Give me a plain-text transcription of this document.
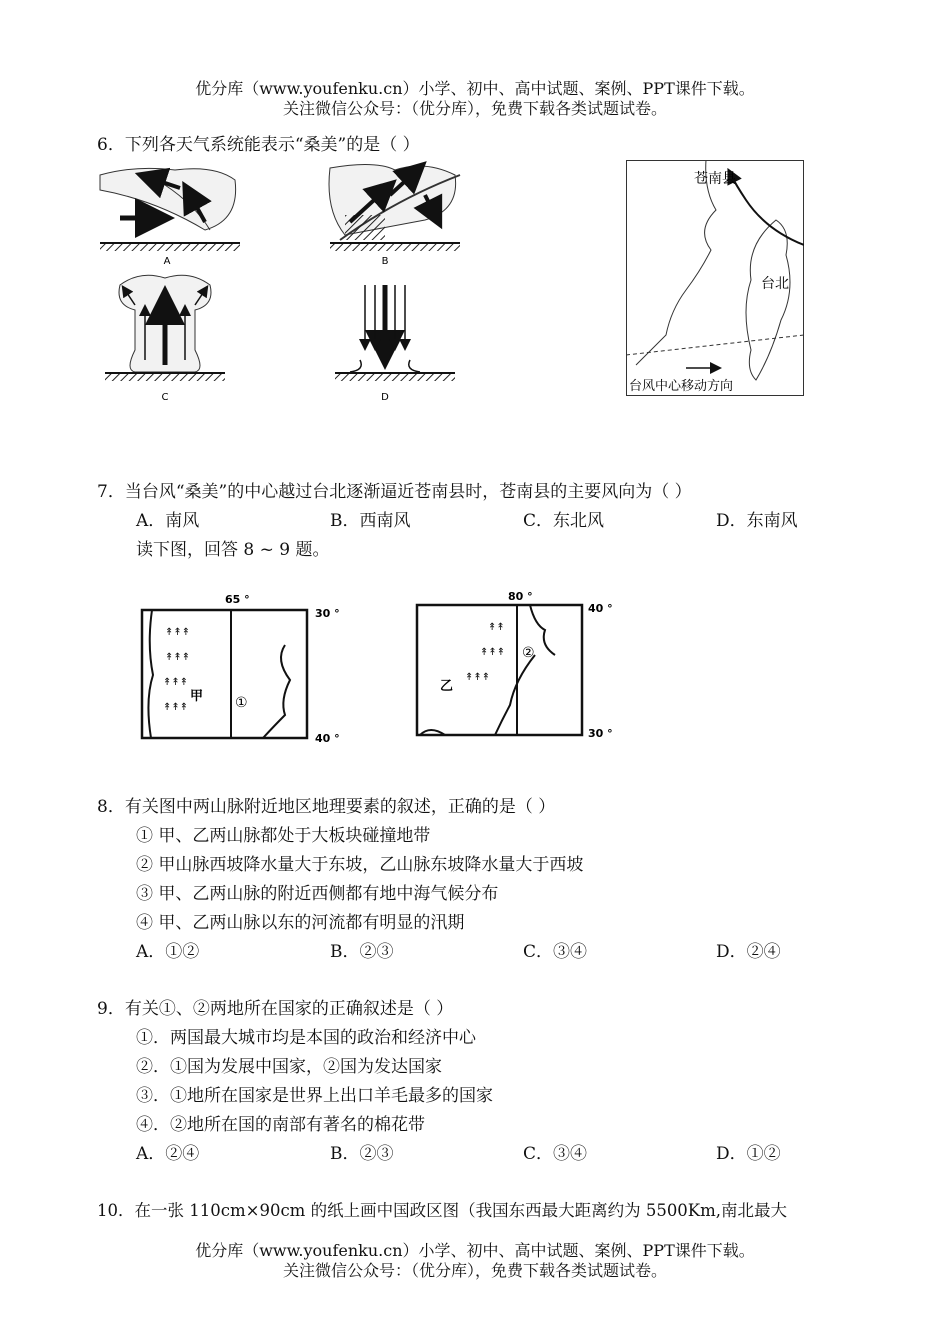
优分库（www.youfenku.cn）小学、初中、高中试题、案例、PPT课件下载。
关注微信公众号：（优分库），免费下载各类试题试卷。
6．下列各天气系统能表示“桑美”的是（ ）
A	B
C	D
苍南县
台北
台风中心移动方向
7．当台风“桑美”的中心越过台北逐渐逼近苍南县时，苍南县的主要风向为（ ）
A．南风	B．西南风	C．东北风	D．东南风
读下图，回答 8 ~ 9 题。
↟↟↟
↟↟↟
↟↟↟
↟↟↟
65 °
30 °
40 °
甲 ①
↟↟
↟↟↟
↟↟↟
80 °
40 °
30 °
乙
②
8．有关图中两山脉附近地区地理要素的叙述，正确的是（ ）
① 甲、乙两山脉都处于大板块碰撞地带
② 甲山脉西坡降水量大于东坡，乙山脉东坡降水量大于西坡
③ 甲、乙两山脉的附近西侧都有地中海气候分布
④ 甲、乙两山脉以东的河流都有明显的汛期
A．①②	B．②③	C．③④	D．②④
9．有关①、②两地所在国家的正确叙述是（ ）
①．两国最大城市均是本国的政治和经济中心
②．①国为发展中国家，②国为发达国家
③．①地所在国家是世界上出口羊毛最多的国家
④．②地所在国的南部有著名的棉花带
A．②④	B．②③	C．③④	D．①②
10．在一张 110cm×90cm 的纸上画中国政区图（我国东西最大距离约为 5500Km,南北最大
优分库（www.youfenku.cn）小学、初中、高中试题、案例、PPT课件下载。
关注微信公众号：（优分库），免费下载各类试题试卷。
